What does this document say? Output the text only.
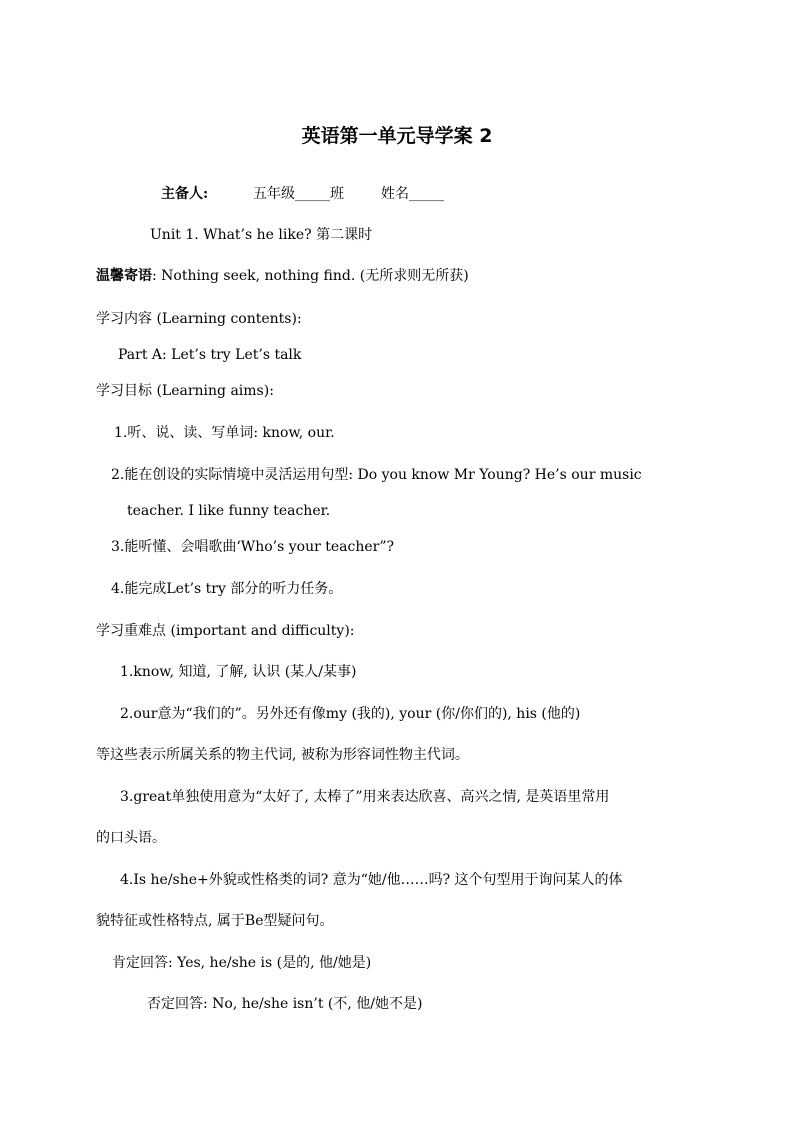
英语第一单元导学案 2
主备人:	五年级_____班	姓名_____
Unit 1. What’s he like? 第二课时
温馨寄语: Nothing seek, nothing find. (无所求则无所获)
学习内容 (Learning contents):
Part A: Let’s try Let’s talk
学习目标 (Learning aims):
1.听、说、读、写单词: know, our.
2.能在创设的实际情境中灵活运用句型: Do you know Mr Young? He’s our music
teacher. I like funny teacher.
3.能听懂、会唱歌曲‘Who’s your teacher”?
4.能完成Let’s try 部分的听力任务。
学习重难点 (important and difficulty):
1.know, 知道, 了解, 认识 (某人/某事)
2.our意为“我们的”。另外还有像my (我的), your (你/你们的), his (他的)
等这些表示所属关系的物主代词, 被称为形容词性物主代词。
3.great单独使用意为“太好了, 太棒了”用来表达欣喜、高兴之情, 是英语里常用
的口头语。
4.Is he/she+外貌或性格类的词? 意为“她/他……吗? 这个句型用于询问某人的体
貌特征或性格特点, 属于Be型疑问句。
肯定回答: Yes, he/she is (是的, 他/她是)
否定回答: No, he/she isn’t (不, 他/她不是)
